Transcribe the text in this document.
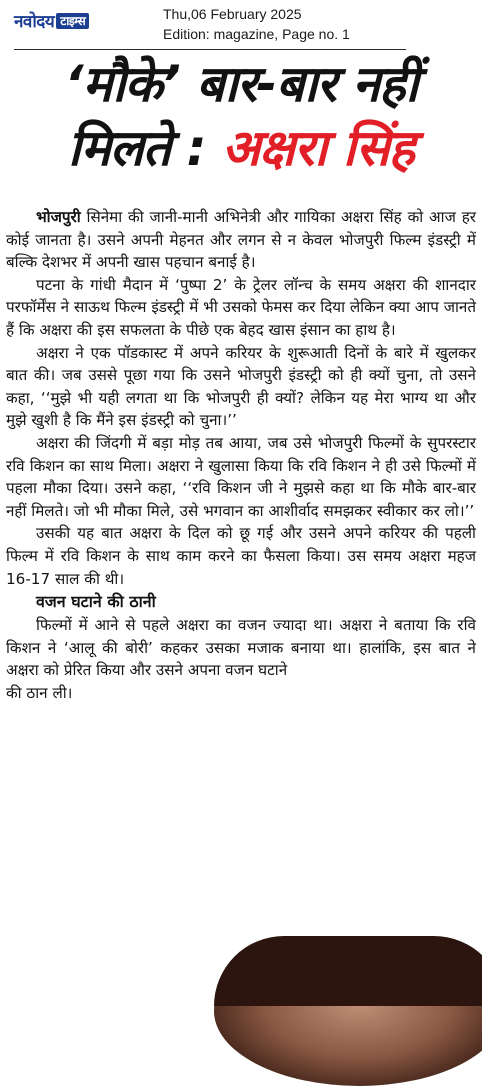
नवोदय टाइम्स	Thu,06 February 2025
Edition: magazine, Page no. 1
‘मौके’ बार-बार नहीं
मिलते : अक्षरा सिंह

भोजपुरी सिनेमा की जानी-मानी अभिनेत्री और गायिका अक्षरा सिंह को आज हर कोई जानता है। उसने अपनी मेहनत और लगन से न केवल भोजपुरी फिल्म इंडस्ट्री में बल्कि देशभर में अपनी खास पहचान बनाई है।

पटना के गांधी मैदान में ‘पुष्पा 2’ के ट्रेलर लॉन्च के समय अक्षरा की शानदार परफॉर्मेंस ने साऊथ फिल्म इंडस्ट्री में भी उसको फेमस कर दिया लेकिन क्या आप जानते हैं कि अक्षरा की इस सफलता के पीछे एक बेहद खास इंसान का हाथ है।

अक्षरा ने एक पॉडकास्ट में अपने करियर के शुरूआती दिनों के बारे में खुलकर बात की। जब उससे पूछा गया कि उसने भोजपुरी इंडस्ट्री को ही क्यों चुना, तो उसने कहा, ‘‘मुझे भी यही लगता था कि भोजपुरी ही क्यों? लेकिन यह मेरा भाग्य था और मुझे खुशी है कि मैंने इस इंडस्ट्री को चुना।’’

अक्षरा की जिंदगी में बड़ा मोड़ तब आया, जब उसे भोजपुरी फिल्मों के सुपरस्टार रवि किशन का साथ मिला। अक्षरा ने खुलासा किया कि रवि किशन ने ही उसे फिल्मों में पहला मौका दिया। उसने कहा, ‘‘रवि किशन जी ने मुझसे कहा था कि मौके बार-बार नहीं मिलते। जो भी मौका मिले, उसे भगवान का आशीर्वाद समझकर स्वीकार कर लो।’’

उसकी यह बात अक्षरा के दिल को छू गई और उसने अपने करियर की पहली फिल्म में रवि किशन के साथ काम करने का फैसला किया। उस समय अक्षरा महज 16-17 साल की थी।

वजन घटाने की ठानी

फिल्मों में आने से पहले अक्षरा का वजन ज्यादा था। अक्षरा ने बताया कि रवि किशन ने ‘आलू की बोरी’ कहकर उसका मजाक बनाया था। हालांकि, इस बात ने अक्षरा को प्रेरित किया और उसने अपना वजन घटाने

की ठान ली।
